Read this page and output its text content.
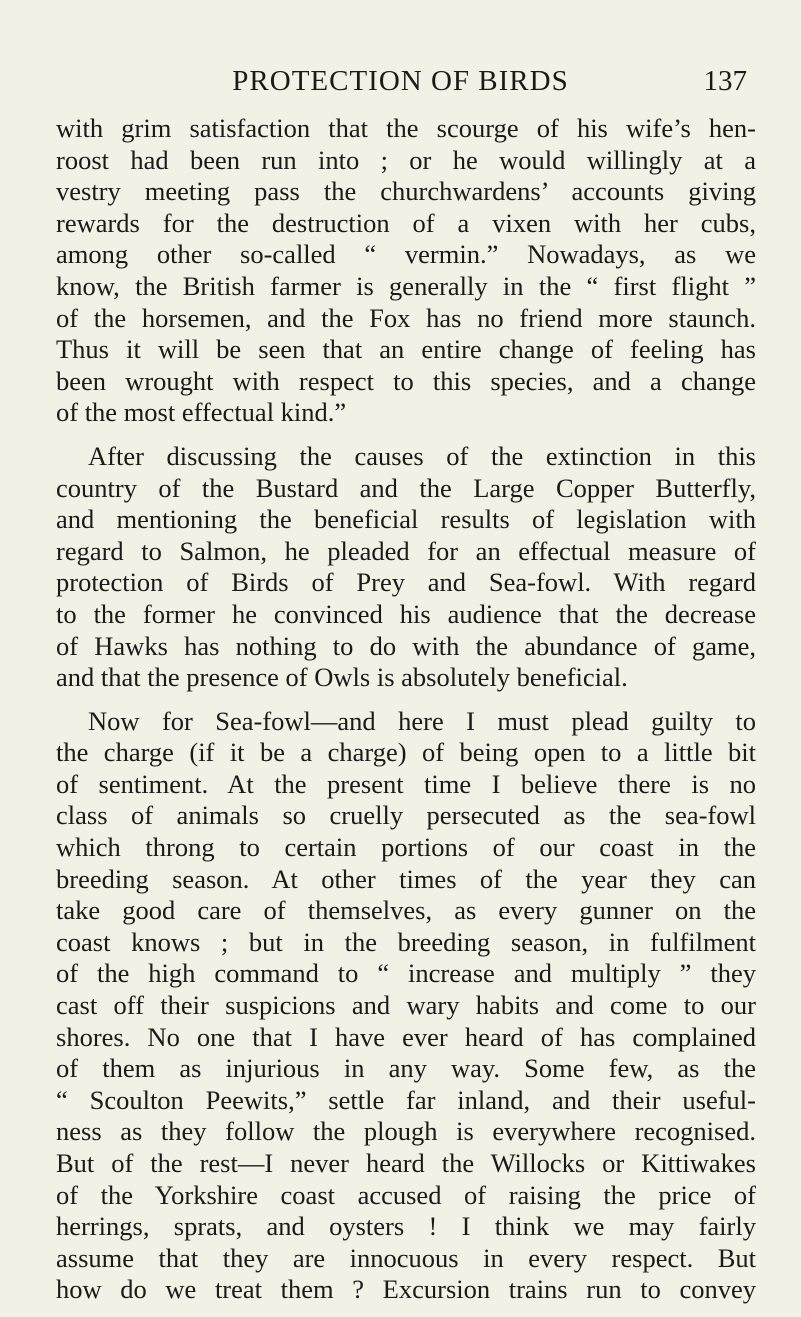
PROTECTION OF BIRDS	137
with grim satisfaction that the scourge of his wife’s hen-
roost had been run into ; or he would willingly at a
vestry meeting pass the churchwardens’ accounts giving
rewards for the destruction of a vixen with her cubs,
among other so-called “ vermin.” Nowadays, as we
know, the British farmer is generally in the “ first flight ”
of the horsemen, and the Fox has no friend more staunch.
Thus it will be seen that an entire change of feeling has
been wrought with respect to this species, and a change
of the most effectual kind.”
After discussing the causes of the extinction in this
country of the Bustard and the Large Copper Butterfly,
and mentioning the beneficial results of legislation with
regard to Salmon, he pleaded for an effectual measure of
protection of Birds of Prey and Sea-fowl. With regard
to the former he convinced his audience that the decrease
of Hawks has nothing to do with the abundance of game,
and that the presence of Owls is absolutely beneficial.
Now for Sea-fowl—and here I must plead guilty to
the charge (if it be a charge) of being open to a little bit
of sentiment. At the present time I believe there is no
class of animals so cruelly persecuted as the sea-fowl
which throng to certain portions of our coast in the
breeding season. At other times of the year they can
take good care of themselves, as every gunner on the
coast knows ; but in the breeding season, in fulfilment
of the high command to “ increase and multiply ” they
cast off their suspicions and wary habits and come to our
shores. No one that I have ever heard of has complained
of them as injurious in any way. Some few, as the
“ Scoulton Peewits,” settle far inland, and their useful-
ness as they follow the plough is everywhere recognised.
But of the rest—I never heard the Willocks or Kittiwakes
of the Yorkshire coast accused of raising the price of
herrings, sprats, and oysters ! I think we may fairly
assume that they are innocuous in every respect. But
how do we treat them ? Excursion trains run to convey
